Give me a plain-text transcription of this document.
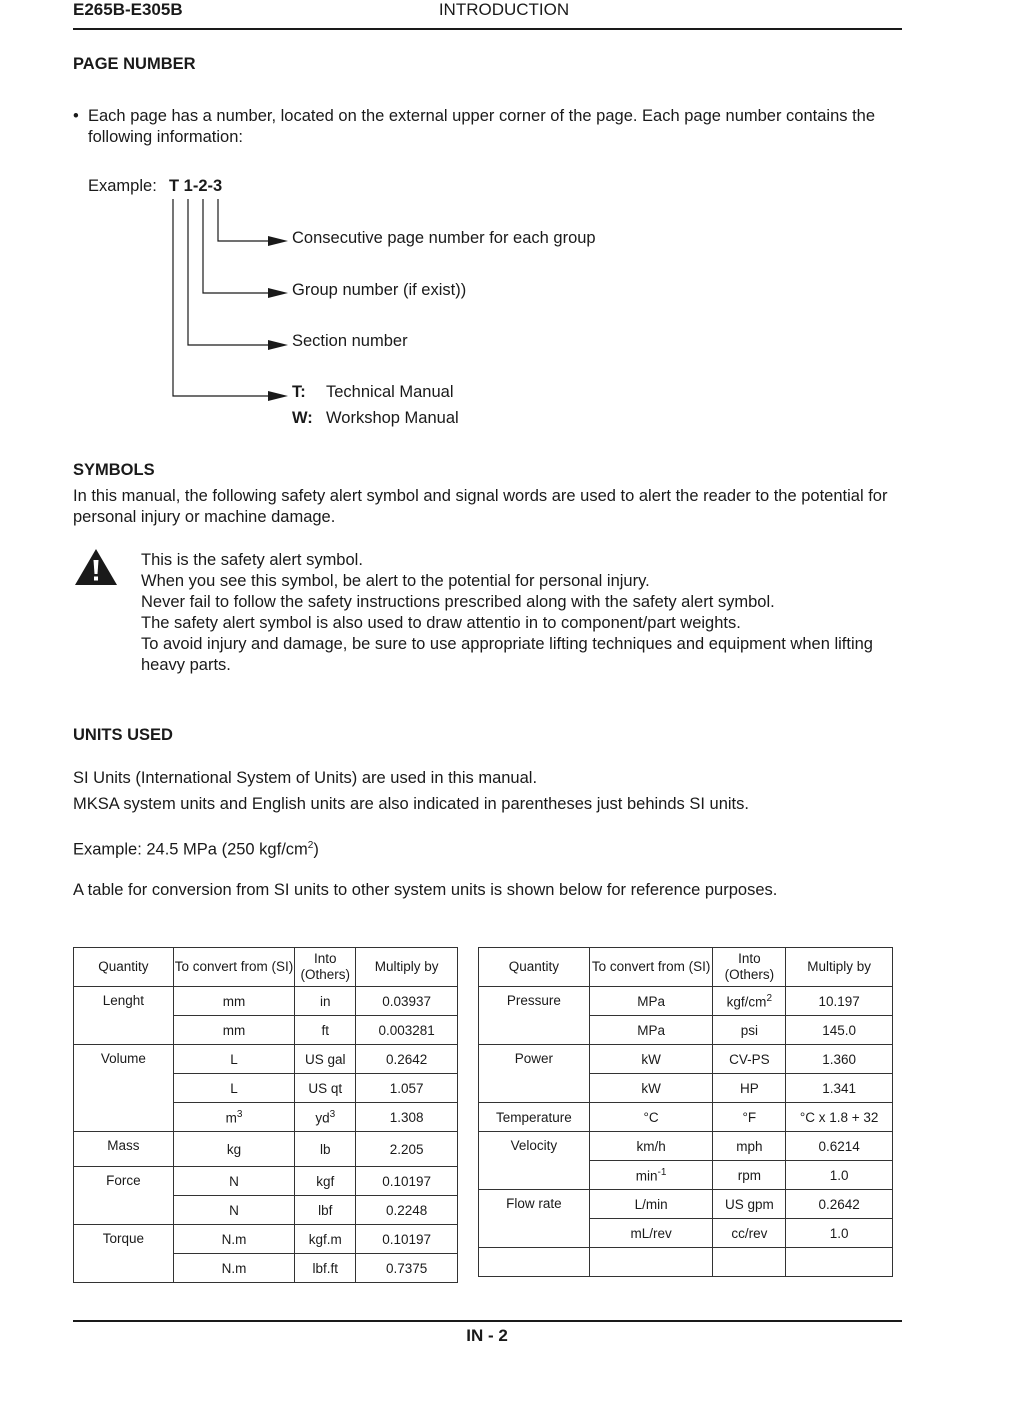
E265B-E305B	INTRODUCTION
PAGE NUMBER
• Each page has a number, located on the external upper corner of the page. Each page number contains the following information:
Example: T 1-2-3
Consecutive page number for each group
Group number (if exist))
Section number
T: Technical Manual
W: Workshop Manual
SYMBOLS
In this manual, the following safety alert symbol and signal words are used to alert the reader to the potential for personal injury or machine damage.
This is the safety alert symbol.
When you see this symbol, be alert to the potential for personal injury.
Never fail to follow the safety instructions prescribed along with the safety alert symbol.
The safety alert symbol is also used to draw attentio in to component/part weights.
To avoid injury and damage, be sure to use appropriate lifting techniques and equipment when lifting heavy parts.
UNITS USED
SI Units (International System of Units) are used in this manual.
MKSA system units and English units are also indicated in parentheses just behinds SI units.
Example: 24.5 MPa (250 kgf/$cm^2$)
A table for conversion from SI units to other system units is shown below for reference purposes.
Quantity	To convert from (SI)	Into (Others)	Multiply by
Lenght	mm	in	0.03937
	mm	ft	0.003281
Volume	L	US gal	0.2642
	L	US qt	1.057
	$m^3$	$yd^3$	1.308
Mass	kg	lb	2.205
Force	N	kgf	0.10197
	N	lbf	0.2248
Torque	N.m	kgf.m	0.10197
	N.m	lbf.ft	0.7375
Quantity	To convert from (SI)	Into (Others)	Multiply by
Pressure	MPa	kgf/$cm^2$	10.197
	MPa	psi	145.0
Power	kW	CV-PS	1.360
	kW	HP	1.341
Temperature	°C	°F	°C x 1.8 + 32
Velocity	km/h	mph	0.6214
	$\min^{-1}$	rpm	1.0
Flow rate	L/min	US gpm	0.2642
	mL/rev	cc/rev	1.0

IN - 2
